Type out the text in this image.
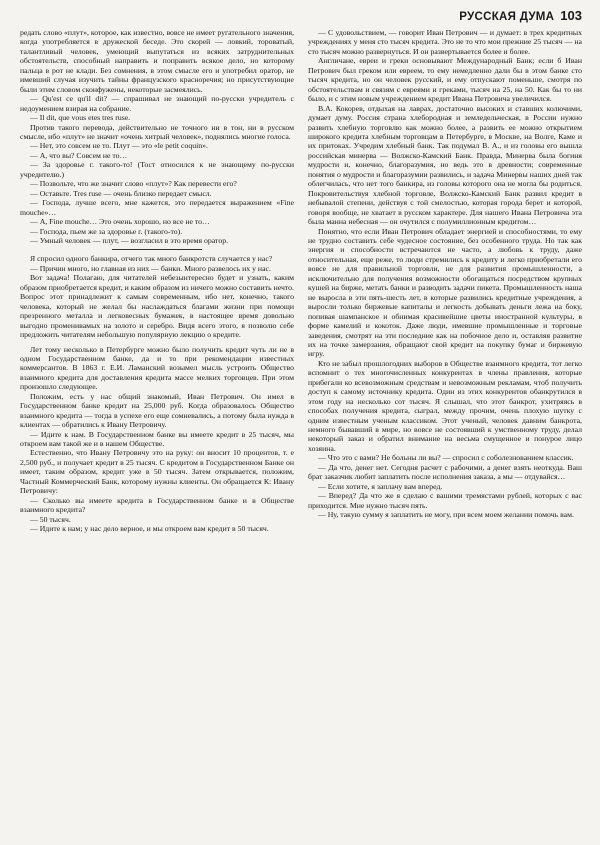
РУССКАЯ ДУМА 103

редать слово «плут», которое, как известно, вовсе не имеет ругательного значения, когда употребляется в дружеской беседе. Это скорей — ловкий, тороватый, талантливый человек, умеющий выпутаться из всяких затруднительных обстоятельств, способный направить и поправить всякое дело, но которому пальца в рот не клади. Без сомнения, в этом смысле его и употребил оратор, не имевший случая изучить тайны французского красноречия; но присутствующие были этим словом сконфужены, некоторые засмеялись.

— Qu'est ce qu'il dit? — спрашивал не знающий по-русски учредитель с недоумением взирая на собрание.

— Il dit, que vous etes tres ruse.

Против такого перевода, действительно не точного ни в тон, ни в русском смысле, ибо «плут» не значит «очень хитрый человек», поднялись многие голоса.

— Нет, это совсем не то. Плут — это «le petit coquin».

— А, что вы? Совсем не то…

— За здоровье г. такого-то! (Тост относился к не знающему по-русски учредителю.)

— Позвольте, что же значит слово «плут»? Как перевести его?

— Оставьте. Tres ruse — очень близко передает смысл.

— Господа, лучше всего, мне кажется, это передается выражением «Fine mouche»…

— А, Fine mouche… Это очень хорошо, но все не то…

— Господа, пьем же за здоровье г. (такого-то).

— Умный человек — плут, — возгласил в это время оратор.

Я спросил одного банкира, отчего так много банкротств случается у нас?

— Причин много, но главная из них — банки. Много развелось их у нас.

Вот задача! Полагаю, для читателей небезынтересно будет и узнать, каким образом приобретается кредит, и каким образом из ничего можно составить нечто. Вопрос этот принадлежит к самым современным, ибо нет, конечно, такого человека, который не желал бы наслаждаться благами жизни при помощи презренного металла и легковесных бумажек, в настоящее время довольно выгодно променивамых на золото и серебро. Видя всего этого, я позволю себе предложить читателям небольшую популярную лекцию о кредите.

Лет тому несколько в Петербурге можно было получить кредит чуть ли не в одном Государственном банке, да и то при рекомендации известных коммерсантов. В 1863 г. Е.И. Ламанский возымел мысль устроить Общество взаимного кредита для доставления кредита массе мелких торговцев. При этом произошло следующее.

Положим, есть у нас общий знакомый, Иван Петрович. Он имел в Государственном банке кредит на 25,000 руб. Когда образовалось Общество взаимного кредита — тогда в успехе его еще сомневались, а потому была нужда в клиентах — обратились к Ивану Петровичу.

— Идите к нам. В Государственном банке вы имеете кредит в 25 тысяч, мы откроем вам такой же и в нашем Обществе.

Естественно, что Ивану Петровичу это на руку: он вносит 10 процентов, т. е 2,500 руб., и получает кредит в 25 тысяч. С кредитом в Государственном Банке он имеет, таким образом, кредит уже в 50 тысяч. Затем открывается, положим, Частный Коммерческий Банк, которому нужны клиенты. Он обращается К: Ивану Петровичу:

— Сколько вы имеете кредита в Государственном банке и в Обществе взаимного кредита?

— 50 тысяч.

— Идите к нам; у нас дело верное, и мы откроем вам кредит в 50 тысяч.

— С удовольствием, — говорит Иван Петрович — и думает: в трех кредитных учреждениях у меня сто тысяч кредита. Это не то что мои прежние 25 тысяч — на сто тысяч можно развернуться. И он развертывается более и более.

Англичане, евреи и греки основывают Международный Банк; если б Иван Петрович был греком или евреем, то ему немедленно дали бы в этом банке сто тысяч кредита, но он человек русский, и ему отпускают поменьше, смотря по обстоятельствам и связям с евреями и греками, тысяч на 25, на 50. Как бы то ни было, и с этим новым учреждением кредит Ивана Петровича увеличился.

В.А. Кокорев, отдыхая на лаврах, достаточно высоких и ставших колючими, думает думу. Россия страна хлебородная и земледельческая, в России нужно развить хлебную торговлю как можно более, а развить ее можно открытием широкого кредита хлебным торговцам в Петербурге, в Москве, на Волге, Каме и их притоках. Учредим хлебный банк. Так подумал В. А., и из головы его вышла российская минерва — Волжско-Камский Банк. Правда, Минерва была богиня мудрости и, конечно, благоразумия, но ведь это в древности; современные понятия о мудрости и благоразумии развились, и задача Минервы наших дней так облегчилась, что нет того банкира, из головы которого она не могла бы родиться. Покровительствуя хлебной торговле, Волжско-Камский Банк развил кредит в небывалой степени, действуя с той смелостью, которая города берет и которой, говоря вообще, не хватает в русском характере. Для нашего Ивана Петровича эта была манна небесная — он очутился с полумиллионным кредитом…

Понятно, что если Иван Петрович обладает энергией и способностями, то ему не трудно составить себе чудесное состояние, без особенного труда. Но так как энергия и способности встречаются не часто, а любовь к труду, даже относительная, еще реже, то люди стремились к кредиту и легко приобретали его вовсе не для правильной торговли, не для развития промышленности, а исключительно для получения возможности обогащаться посредством крупных кушей на бирже, метать банки и разводить задачи пикета. Промышленность наша не выросла в эти пять-шесть лет, в которые развились кредитные учреждения, а выросли только биржевые капиталы и легкость добывать деньги лежа на боку, попивая шампанское и обнимая красивейшие цветы иностранной культуры, в форме камелий и кокоток. Даже люди, имевшие промышленные и торговые заведения, смотрят на эти последние как на побочное дело и, оставляя развитие их на точке замерзания, обращают свой кредит на покупку бумаг и биржевую игру.

Кто не забыл прошлогодних выборов в Обществе взаимного кредита, тот легко вспомнит о тех многочисленных конкурентах в члены правления, которые прибегали ко всевозможным средствам и невозможным рекламам, чтоб получить доступ к самому источнику кредита. Один из этих конкурентов обанкрутился в этом году на несколько сот тысяч. Я слышал, что этот банкрот, ухитряясь в способах получения кредита, сыграл, между прочим, очень плохую шутку с одним известным ученым классиком. Этот ученый, человек давним банкрота, немного бывавший в мире, но вовсе не состоявший к умственному труду, делал некоторый заказ и обратил внимание на весьма смущенное и понурое лицо хозяина.

— Что это с вами? Не больны ли вы? — спросил с соболезнованием классик.

— Да что, денег нет. Сегодня расчет с рабочими, а денег взять неоткуда. Ваш брат заказчик любит заплатить после исполнения заказа, а мы — отдувайся…

— Если хотите, я заплачу вам вперед.

— Вперед? Да что же я сделаю с вашими тремястами рублей, которых с вас приходится. Мне нужно тысяч пять.

— Ну, такую сумму я заплатить не могу, при всем моем желании помочь вам.
